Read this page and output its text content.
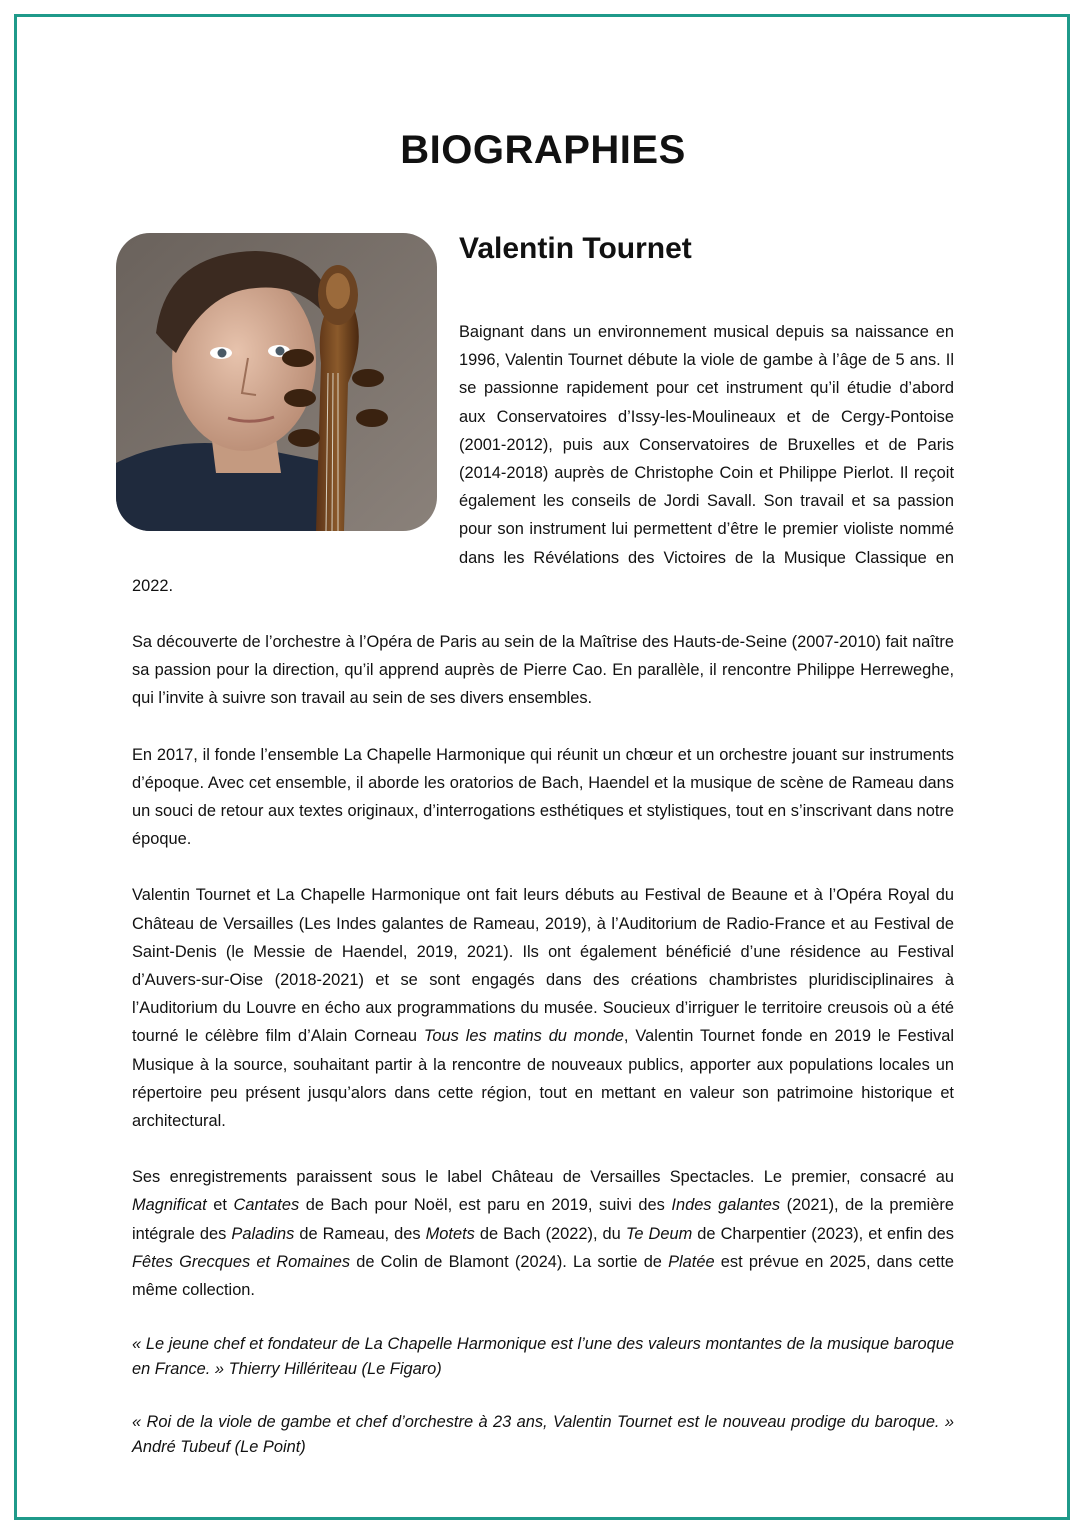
BIOGRAPHIES
Valentin Tournet
Baignant dans un environnement musical depuis sa naissance en 1996, Valentin Tournet débute la viole de gambe à l’âge de 5 ans. Il se passionne rapidement pour cet instrument qu’il étudie d’abord aux Conservatoires d’Issy-les-Moulineaux et de Cergy-Pontoise (2001-2012), puis aux Conservatoires de Bruxelles et de Paris (2014-2018) auprès de Christophe Coin et Philippe Pierlot. Il reçoit également les conseils de Jordi Savall. Son travail et sa passion pour son instrument lui permettent d’être le premier violiste nommé dans les Révélations des Victoires de la Musique Classique en 2022.

Sa découverte de l’orchestre à l’Opéra de Paris au sein de la Maîtrise des Hauts-de-Seine (2007-2010) fait naître sa passion pour la direction, qu’il apprend auprès de Pierre Cao. En parallèle, il rencontre Philippe Herreweghe, qui l’invite à suivre son travail au sein de ses divers ensembles.

En 2017, il fonde l’ensemble La Chapelle Harmonique qui réunit un chœur et un orchestre jouant sur instruments d’époque. Avec cet ensemble, il aborde les oratorios de Bach, Haendel et la musique de scène de Rameau dans un souci de retour aux textes originaux, d’interrogations esthétiques et stylistiques, tout en s’inscrivant dans notre époque.

Valentin Tournet et La Chapelle Harmonique ont fait leurs débuts au Festival de Beaune et à l’Opéra Royal du Château de Versailles (Les Indes galantes de Rameau, 2019), à l’Auditorium de Radio-France et au Festival de Saint-Denis (le Messie de Haendel, 2019, 2021). Ils ont également bénéficié d’une résidence au Festival d’Auvers-sur-Oise (2018-2021) et se sont engagés dans des créations chambristes pluridisciplinaires à l’Auditorium du Louvre en écho aux programmations du musée. Soucieux d’irriguer le territoire creusois où a été tourné le célèbre film d’Alain Corneau Tous les matins du monde, Valentin Tournet fonde en 2019 le Festival Musique à la source, souhaitant partir à la rencontre de nouveaux publics, apporter aux populations locales un répertoire peu présent jusqu’alors dans cette région, tout en mettant en valeur son patrimoine historique et architectural.

Ses enregistrements paraissent sous le label Château de Versailles Spectacles. Le premier, consacré au Magnificat et Cantates de Bach pour Noël, est paru en 2019, suivi des Indes galantes (2021), de la première intégrale des Paladins de Rameau, des Motets de Bach (2022), du Te Deum de Charpentier (2023), et enfin des Fêtes Grecques et Romaines de Colin de Blamont (2024). La sortie de Platée est prévue en 2025, dans cette même collection.

« Le jeune chef et fondateur de La Chapelle Harmonique est l’une des valeurs montantes de la musique baroque en France. » Thierry Hillériteau (Le Figaro)

« Roi de la viole de gambe et chef d’orchestre à 23 ans, Valentin Tournet est le nouveau prodige du baroque. » André Tubeuf (Le Point)
